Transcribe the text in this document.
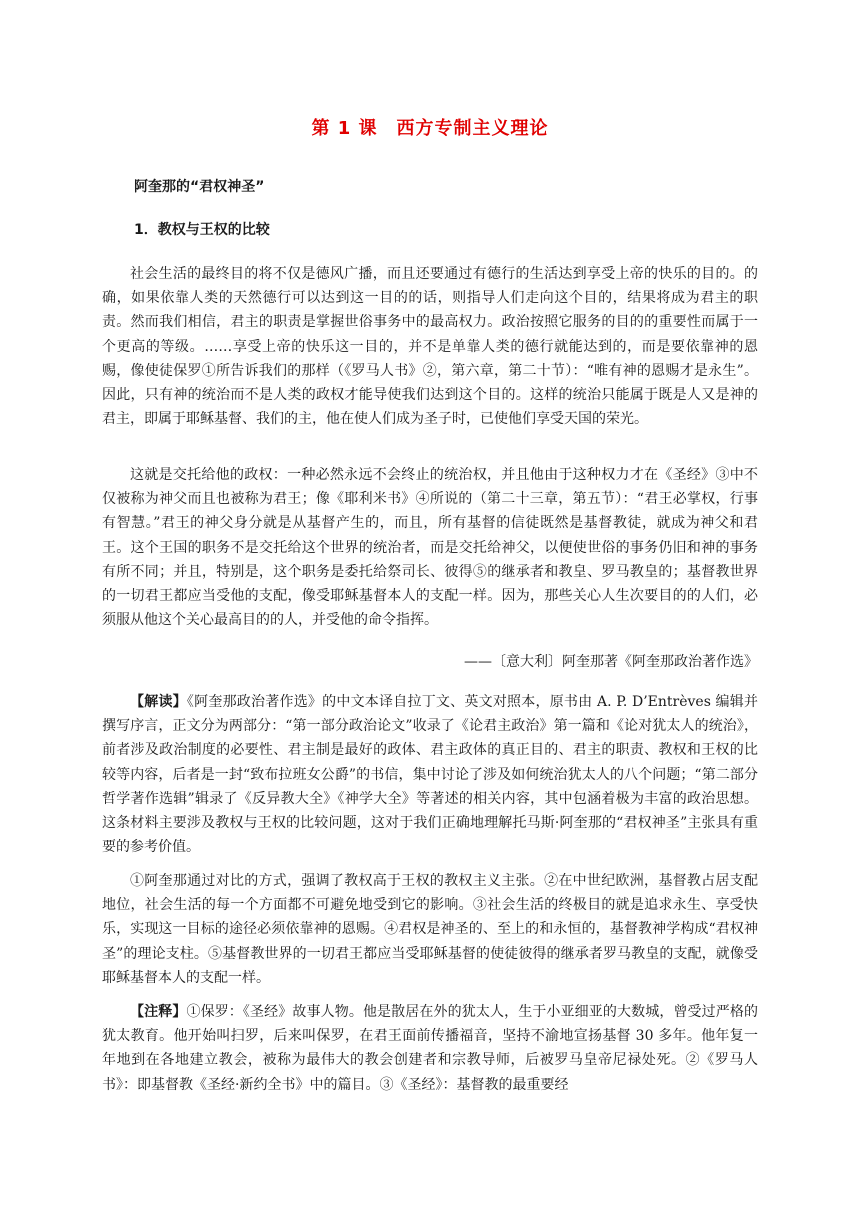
第 1 课　西方专制主义理论
阿奎那的“君权神圣”
1．教权与王权的比较
社会生活的最终目的将不仅是德风广播，而且还要通过有德行的生活达到享受上帝的快乐的目的。的确，如果依靠人类的天然德行可以达到这一目的的话，则指导人们走向这个目的，结果将成为君主的职责。然而我们相信，君主的职责是掌握世俗事务中的最高权力。政治按照它服务的目的的重要性而属于一个更高的等级。……享受上帝的快乐这一目的，并不是单靠人类的德行就能达到的，而是要依靠神的恩赐，像使徒保罗①所告诉我们的那样（《罗马人书》②，第六章，第二十节）：“唯有神的恩赐才是永生”。因此，只有神的统治而不是人类的政权才能导使我们达到这个目的。这样的统治只能属于既是人又是神的君主，即属于耶稣基督、我们的主，他在使人们成为圣子时，已使他们享受天国的荣光。
这就是交托给他的政权：一种必然永远不会终止的统治权，并且他由于这种权力才在《圣经》③中不仅被称为神父而且也被称为君王；像《耶利米书》④所说的（第二十三章，第五节）：“君王必掌权，行事有智慧。”君王的神父身分就是从基督产生的，而且，所有基督的信徒既然是基督教徒，就成为神父和君王。这个王国的职务不是交托给这个世界的统治者，而是交托给神父，以便使世俗的事务仍旧和神的事务有所不同；并且，特别是，这个职务是委托给祭司长、彼得⑤的继承者和教皇、罗马教皇的；基督教世界的一切君王都应当受他的支配，像受耶稣基督本人的支配一样。因为，那些关心人生次要目的的人们，必须服从他这个关心最高目的的人，并受他的命令指挥。
——〔意大利〕阿奎那著《阿奎那政治著作选》
【解读】《阿奎那政治著作选》的中文本译自拉丁文、英文对照本，原书由 A. P. D’Entrèves 编辑并撰写序言，正文分为两部分：“第一部分政治论文”收录了《论君主政治》第一篇和《论对犹太人的统治》，前者涉及政治制度的必要性、君主制是最好的政体、君主政体的真正目的、君主的职责、教权和王权的比较等内容，后者是一封“致布拉班女公爵”的书信，集中讨论了涉及如何统治犹太人的八个问题；“第二部分哲学著作选辑”辑录了《反异教大全》《神学大全》等著述的相关内容，其中包涵着极为丰富的政治思想。这条材料主要涉及教权与王权的比较问题，这对于我们正确地理解托马斯·阿奎那的“君权神圣”主张具有重要的参考价值。
①阿奎那通过对比的方式，强调了教权高于王权的教权主义主张。②在中世纪欧洲，基督教占居支配地位，社会生活的每一个方面都不可避免地受到它的影响。③社会生活的终极目的就是追求永生、享受快乐，实现这一目标的途径必须依靠神的恩赐。④君权是神圣的、至上的和永恒的，基督教神学构成“君权神圣”的理论支柱。⑤基督教世界的一切君王都应当受耶稣基督的使徒彼得的继承者罗马教皇的支配，就像受耶稣基督本人的支配一样。
【注释】①保罗：《圣经》故事人物。他是散居在外的犹太人，生于小亚细亚的大数城，曾受过严格的犹太教育。他开始叫扫罗，后来叫保罗，在君王面前传播福音，坚持不渝地宣扬基督 30 多年。他年复一年地到在各地建立教会，被称为最伟大的教会创建者和宗教导师，后被罗马皇帝尼禄处死。②《罗马人书》：即基督教《圣经·新约全书》中的篇目。③《圣经》：基督教的最重要经
